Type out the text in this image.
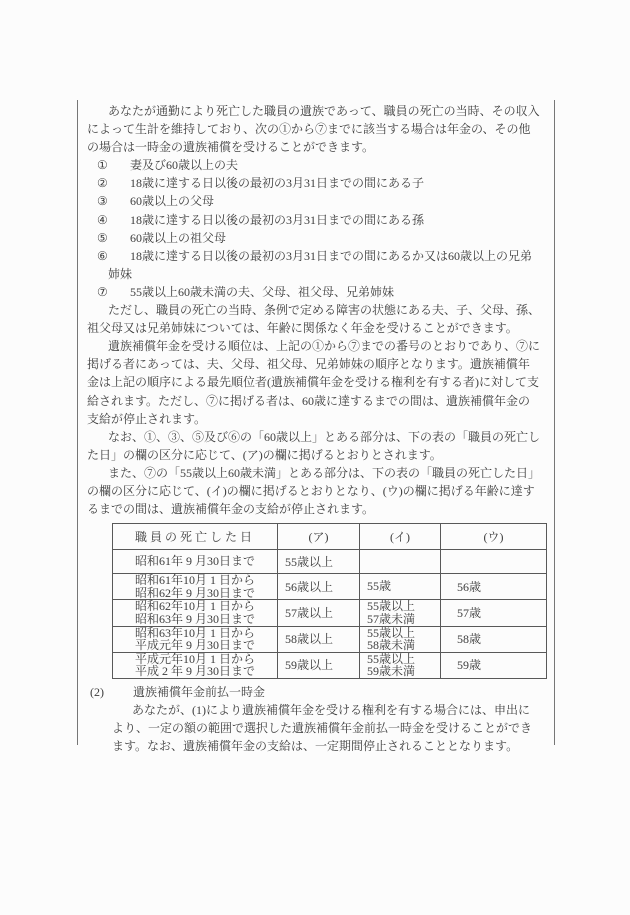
あなたが通勤により死亡した職員の遺族であって、職員の死亡の当時、その収入によって生計を維持しており、次の①から⑦までに該当する場合は年金の、その他の場合は一時金の遺族補償を受けることができます。

① 妻及び60歳以上の夫
② 18歳に達する日以後の最初の3月31日までの間にある子
③ 60歳以上の父母
④ 18歳に達する日以後の最初の3月31日までの間にある孫
⑤ 60歳以上の祖父母
⑥ 18歳に達する日以後の最初の3月31日までの間にあるか又は60歳以上の兄弟姉妹
⑦ 55歳以上60歳未満の夫、父母、祖父母、兄弟姉妹

ただし、職員の死亡の当時、条例で定める障害の状態にある夫、子、父母、孫、祖父母又は兄弟姉妹については、年齢に関係なく年金を受けることができます。

遺族補償年金を受ける順位は、上記の①から⑦までの番号のとおりであり、⑦に掲げる者にあっては、夫、父母、祖父母、兄弟姉妹の順序となります。遺族補償年金は上記の順序による最先順位者(遺族補償年金を受ける権利を有する者)に対して支給されます。ただし、⑦に掲げる者は、60歳に達するまでの間は、遺族補償年金の支給が停止されます。

なお、①、③、⑤及び⑥の「60歳以上」とある部分は、下の表の「職員の死亡した日」の欄の区分に応じて、(ア)の欄に掲げるとおりとされます。

また、⑦の「55歳以上60歳未満」とある部分は、下の表の「職員の死亡した日」の欄の区分に応じて、(イ)の欄に掲げるとおりとなり、(ウ)の欄に掲げる年齢に達するまでの間は、遺族補償年金の支給が停止されます。

職員の死亡した日	(ア)	(イ)	(ウ)

昭和61年 9 月30日まで	55歳以上		

昭和61年10月 1 日から
昭和62年 9 月30日まで	56歳以上	55歳	56歳

昭和62年10月 1 日から
昭和63年 9 月30日まで	57歳以上	55歳以上
57歳未満	57歳

昭和63年10月 1 日から
平成元年 9 月30日まで	58歳以上	55歳以上
58歳未満	58歳

平成元年10月 1 日から
平成 2 年 9 月30日まで	59歳以上	55歳以上
59歳未満	59歳
(2) 遺族補償年金前払一時金

あなたが、(1)により遺族補償年金を受ける権利を有する場合には、申出により、一定の額の範囲で選択した遺族補償年金前払一時金を受けることができます。なお、遺族補償年金の支給は、一定期間停止されることとなります。
